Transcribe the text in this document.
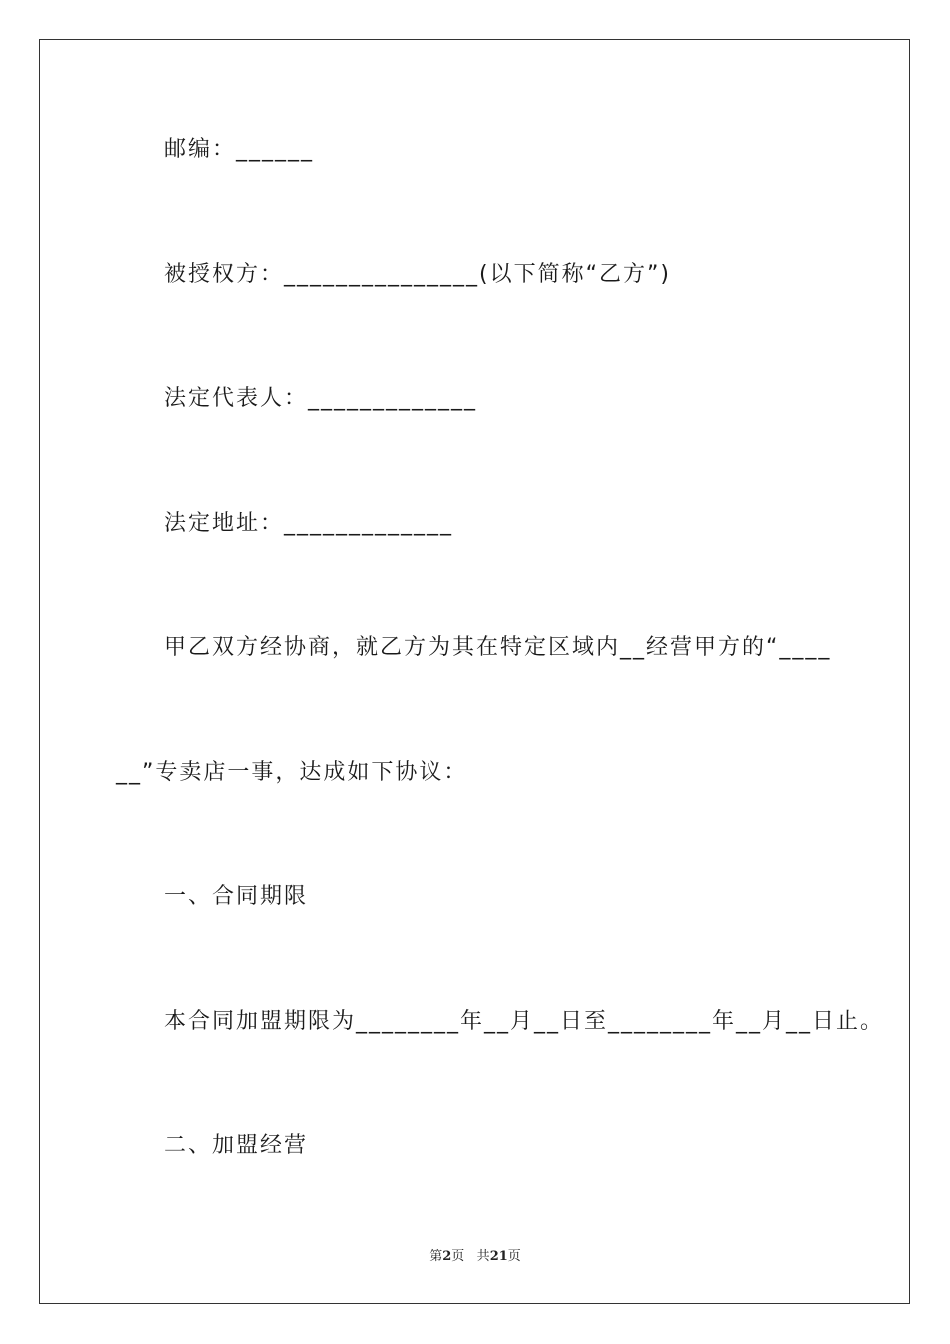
邮编：______

被授权方：_______________(以下简称“乙方”)

法定代表人：_____________

法定地址：_____________

甲乙双方经协商，就乙方为其在特定区域内__经营甲方的“____

__”专卖店一事，达成如下协议：

一、合同期限

本合同加盟期限为________年__月__日至________年__月__日止。

二、加盟经营

第2页 共21页
